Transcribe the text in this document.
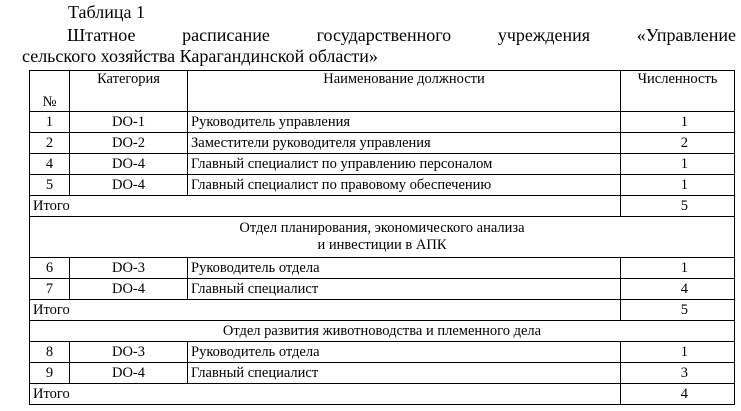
Таблица 1
Штатное расписание государственного учреждения «Управление
сельского хозяйства Карагандинской области»
№	Категория	Наименование должности	Численность
1	DO-1	Руководитель управления	1
2	DO-2	Заместители руководителя управления	2
4	DO-4	Главный специалист по управлению персоналом	1
5	DO-4	Главный специалист по правовому обеспечению	1
Итого			5
Отдел планирования, экономического анализа
и инвестиции в АПК			
6	DO-3	Руководитель отдела	1
7	DO-4	Главный специалист	4
Итого			5
Отдел развития животноводства и племенного дела			
8	DO-3	Руководитель отдела	1
9	DO-4	Главный специалист	3
Итого			4
